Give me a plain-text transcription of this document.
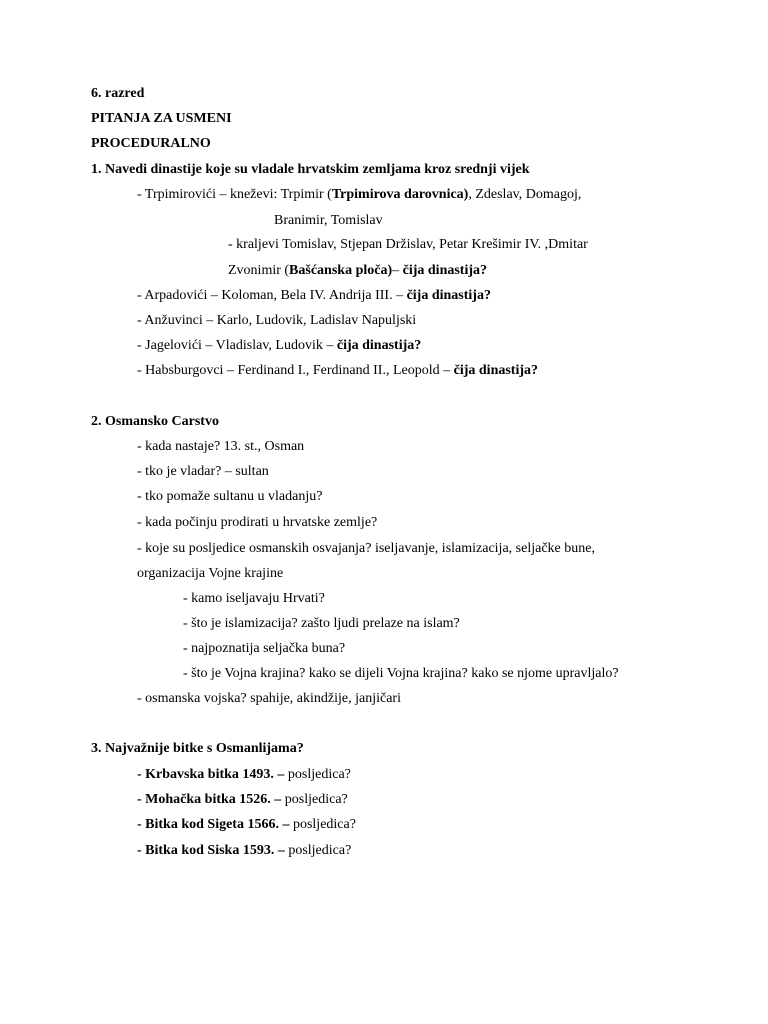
6. razred
PITANJA ZA USMENI
PROCEDURALNO
1. Navedi dinastije koje su vladale hrvatskim zemljama kroz srednji vijek
- Trpimirovići – kneževi: Trpimir (Trpimirova darovnica), Zdeslav, Domagoj,
Branimir, Tomislav
- kraljevi Tomislav, Stjepan Držislav, Petar Krešimir IV. ,Dmitar
Zvonimir (Bašćanska ploča)– čija dinastija?
- Arpadovići – Koloman, Bela IV. Andrija III. – čija dinastija?
- Anžuvinci – Karlo, Ludovik, Ladislav Napuljski
- Jagelovići – Vladislav, Ludovik – čija dinastija?
- Habsburgovci – Ferdinand I., Ferdinand II., Leopold – čija dinastija?
2. Osmansko Carstvo
- kada nastaje? 13. st., Osman
- tko je vladar? – sultan
- tko pomaže sultanu u vladanju?
- kada počinju prodirati u hrvatske zemlje?
- koje su posljedice osmanskih osvajanja? iseljavanje, islamizacija, seljačke bune,
organizacija Vojne krajine
- kamo iseljavaju Hrvati?
- što je islamizacija? zašto ljudi prelaze na islam?
- najpoznatija seljačka buna?
- što je Vojna krajina? kako se dijeli Vojna krajina? kako se njome upravljalo?
- osmanska vojska? spahije, akindžije, janjičari
3. Najvažnije bitke s Osmanlijama?
- Krbavska bitka 1493. – posljedica?
- Mohačka bitka 1526. – posljedica?
- Bitka kod Sigeta 1566. – posljedica?
- Bitka kod Siska 1593. – posljedica?
